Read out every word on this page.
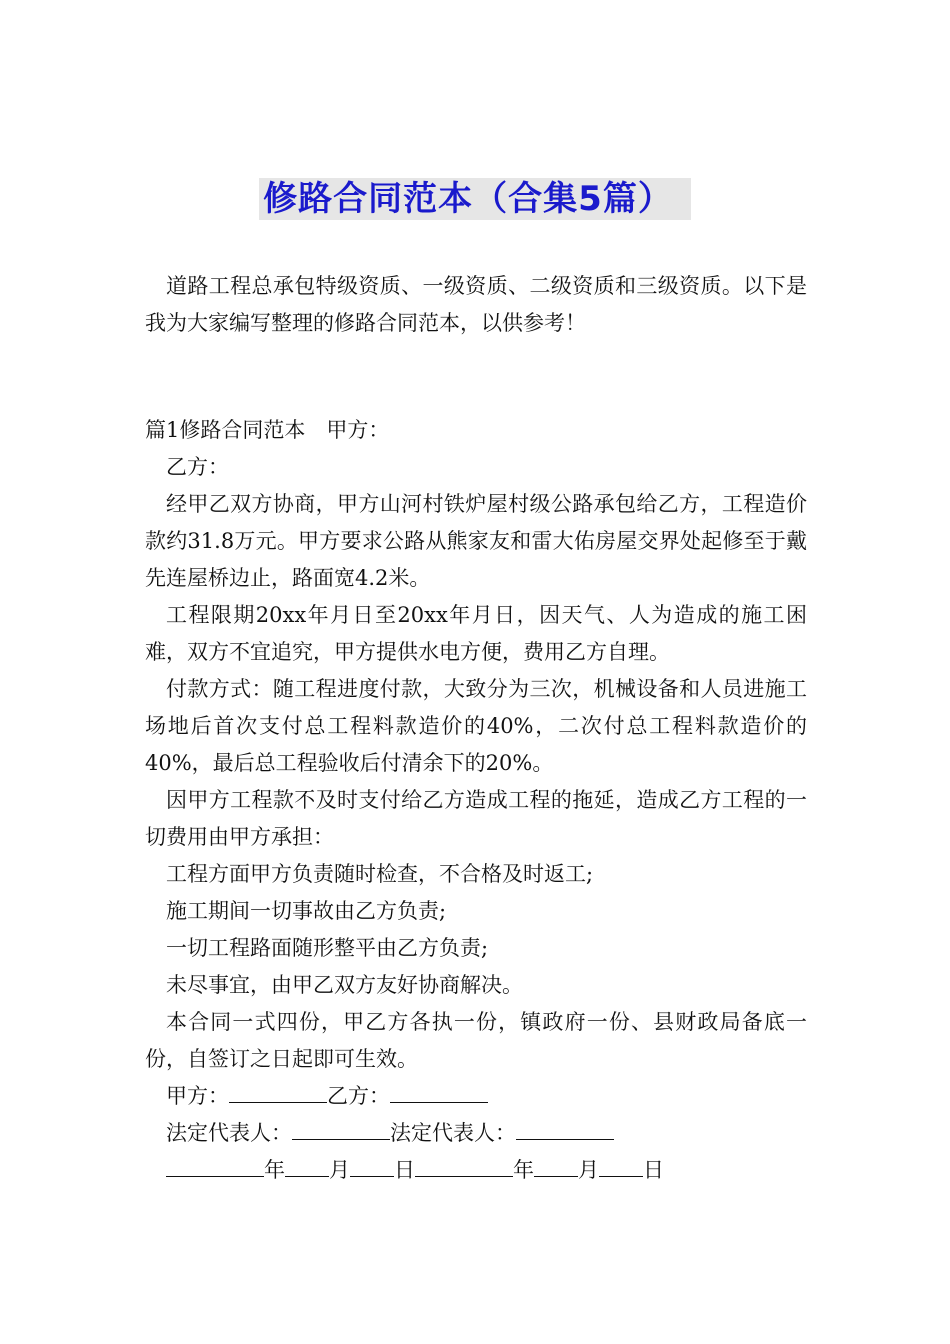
修路合同范本（合集5篇）

道路工程总承包特级资质、一级资质、二级资质和三级资质。以下是我为大家编写整理的修路合同范本，以供参考！

篇1修路合同范本　甲方：

乙方：

经甲乙双方协商，甲方山河村铁炉屋村级公路承包给乙方，工程造价款约31.8万元。甲方要求公路从熊家友和雷大佑房屋交界处起修至于戴先连屋桥边止，路面宽4.2米。

工程限期20xx年月日至20xx年月日，因天气、人为造成的施工困难，双方不宜追究，甲方提供水电方便，费用乙方自理。

付款方式：随工程进度付款，大致分为三次，机械设备和人员进施工场地后首次支付总工程料款造价的40%，二次付总工程料款造价的40%，最后总工程验收后付清余下的20%。

因甲方工程款不及时支付给乙方造成工程的拖延，造成乙方工程的一切费用由甲方承担：

工程方面甲方负责随时检查，不合格及时返工;

施工期间一切事故由乙方负责;

一切工程路面随形整平由乙方负责;

未尽事宜，由甲乙双方友好协商解决。

本合同一式四份，甲乙方各执一份，镇政府一份、县财政局备底一份，自签订之日起即可生效。

甲方：	乙方：

法定代表人：	法定代表人：

年 月 日	年 月 日
